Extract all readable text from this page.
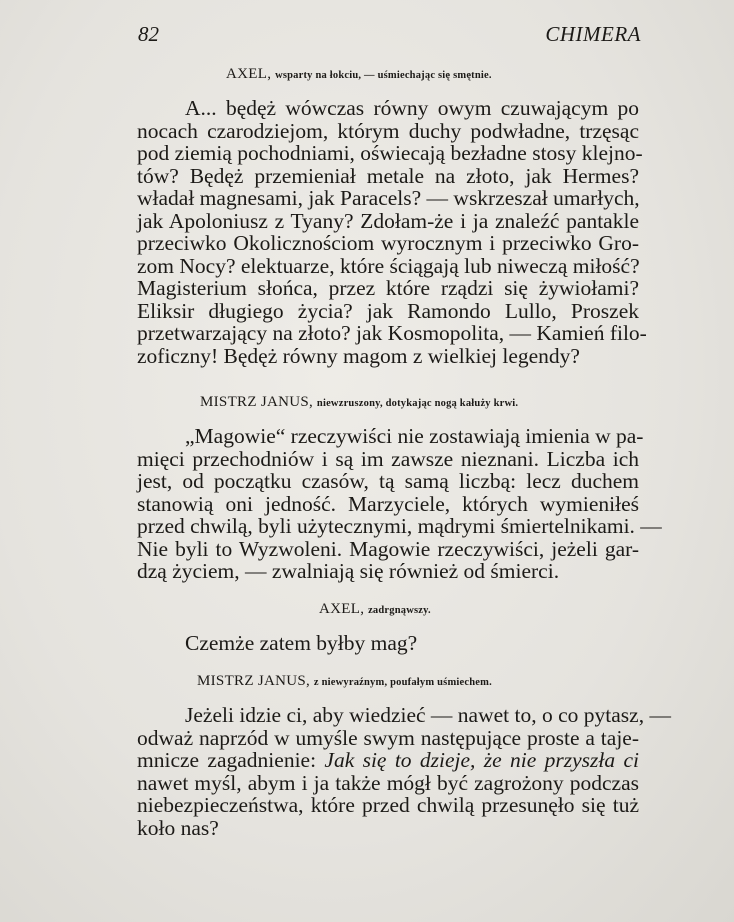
82	CHIMERA
AXEL, wsparty na łokciu, — uśmiechając się smętnie.
A... będęż wówczas równy owym czuwającym po
nocach czarodziejom, którym duchy podwładne, trzęsąc
pod ziemią pochodniami, oświecają bezładne stosy klejno-
tów? Będęż przemieniał metale na złoto, jak Hermes?
władał magnesami, jak Paracels? — wskrzeszał umarłych,
jak Apoloniusz z Tyany? Zdołam-że i ja znaleźć pantakle
przeciwko Okolicznościom wyrocznym i przeciwko Gro-
zom Nocy? elektuarze, które ściągają lub niweczą miłość?
Magisterium słońca, przez które rządzi się żywiołami?
Eliksir długiego życia? jak Ramondo Lullo, Proszek
przetwarzający na złoto? jak Kosmopolita, — Kamień filo-
zoficzny! Będęż równy magom z wielkiej legendy?
MISTRZ JANUS, niewzruszony, dotykając nogą kałuży krwi.
„Magowie“ rzeczywiści nie zostawiają imienia w pa-
mięci przechodniów i są im zawsze nieznani. Liczba ich
jest, od początku czasów, tą samą liczbą: lecz duchem
stanowią oni jedność. Marzyciele, których wymieniłeś
przed chwilą, byli użytecznymi, mądrymi śmiertelnikami. —
Nie byli to Wyzwoleni. Magowie rzeczywiści, jeżeli gar-
dzą życiem, — zwalniają się również od śmierci.
AXEL, zadrgnąwszy.
Czemże zatem byłby mag?
MISTRZ JANUS, z niewyraźnym, poufałym uśmiechem.
Jeżeli idzie ci, aby wiedzieć — nawet to, o co pytasz, —
odważ naprzód w umyśle swym następujące proste a taje-
mnicze zagadnienie: Jak się to dzieje, że nie przyszła ci
nawet myśl, abym i ja także mógł być zagrożony podczas
niebezpieczeństwa, które przed chwilą przesunęło się tuż
koło nas?
